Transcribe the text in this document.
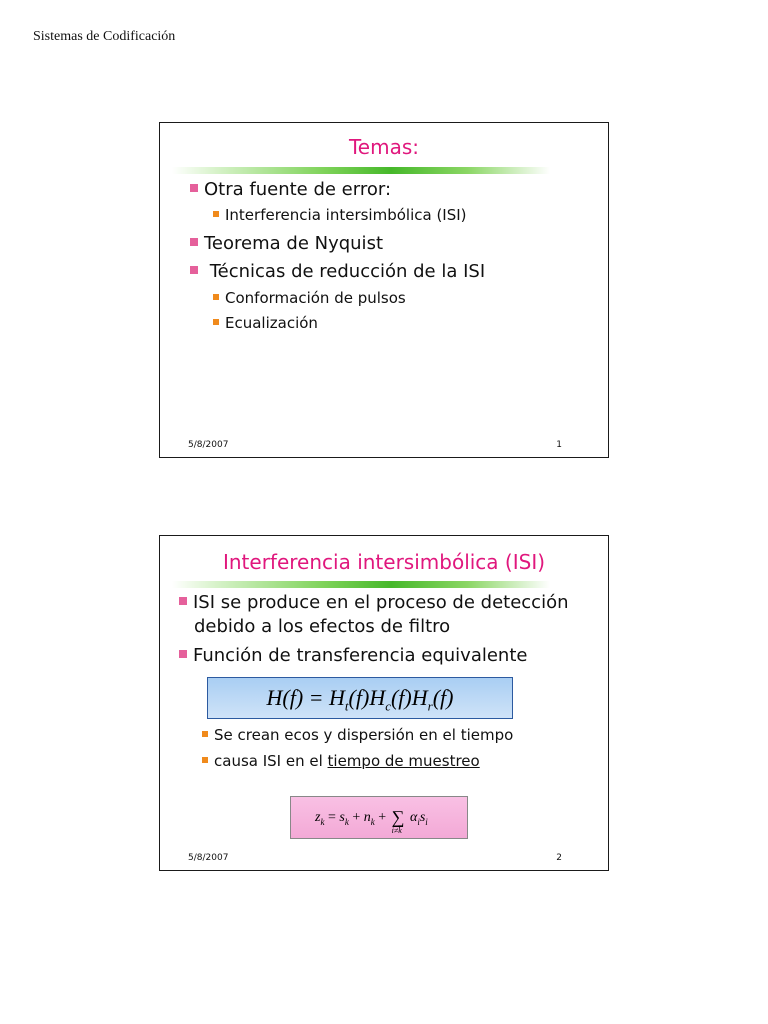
Sistemas de Codificación
Temas:
Otra fuente de error:
Interferencia intersimbólica (ISI)
Teorema de Nyquist
Técnicas de reducción de la ISI
Conformación de pulsos
Ecualización
5/8/2007	1
Interferencia intersimbólica (ISI)
ISI se produce en el proceso de detección
debido a los efectos de filtro
Función de transferencia equivalente
$H(f) = H_t(f)H_c(f)H_r(f)$
Se crean ecos y dispersión en el tiempo
causa ISI en el tiempo de muestreo
$z_k = s_k + n_k$ + ∑
i≠k
$\alpha_is_i$
5/8/2007	2
